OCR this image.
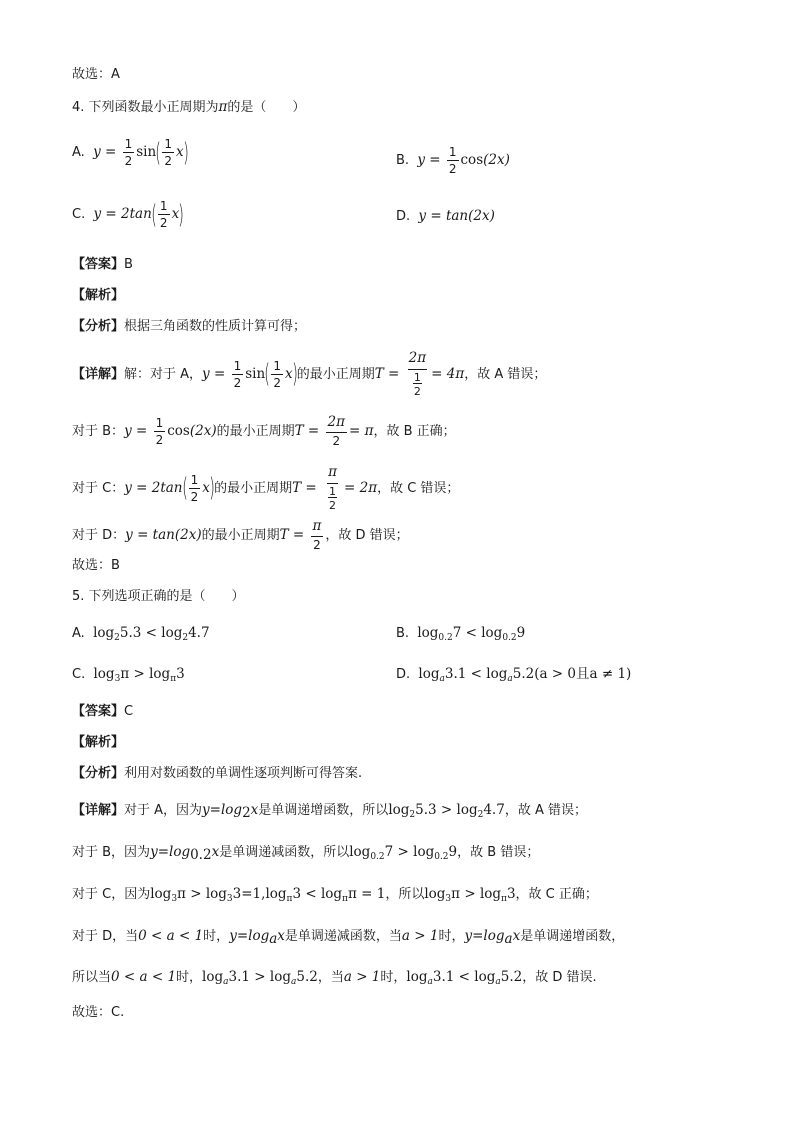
故选：A
4. 下列函数最小正周期为π的是（　　）
A. $y = \frac{1}{2} \sin( \frac{1}{2} x)$	B. $y = \frac{1}{2} \cos(2x)$
C. $y = 2\tan( \frac{1}{2} x)$	D. y = tan(2x)
【答案】B
【解析】
【分析】根据三角函数的性质计算可得；
【详解】解：对于 A，$y = \frac{1}{2} \sin( \frac{1}{2} x)$的最小正周期$T = \frac{2\pi}{\frac{1}{2}} = 4\pi$，故 A 错误；
对于 B：$y = \frac{1}{2} \cos(2x)$的最小正周期$T = \frac{2\pi}{2} = \pi$，故 B 正确；
对于 C：$y = 2\tan( \frac{1}{2} x)$的最小正周期$T = \frac{\pi}{\frac{1}{2}} = 2\pi$，故 C 错误；
对于 D：y = tan(2x)的最小正周期$T = \frac{\pi}{2}$ ，故 D 错误；
故选：B
5. 下列选项正确的是（　　）
A. $\log_25.3 < \log_24.7$	B. $\log_{0.2}7 < \log_{0.2}9$
C. $\log_3\pi > \log_\pi 3$	D. $\log_a3.1 < \log_a5.2(a > 0$且a ≠ 1)
【答案】C
【解析】
【分析】利用对数函数的单调性逐项判断可得答案.
【详解】对于 A，因为$y=\log_2x$是单调递增函数，所以$\log_25.3 > \log_24.7$，故 A 错误；
对于 B，因为$y=\log_{0.2}x$是单调递减函数，所以$\log_{0.2}7 > \log_{0.2}9$，故 B 错误；
对于 C，因为$\log_3\pi > \log_33=1,\log_\pi 3 < \log_\pi\pi = 1$，所以$\log_3\pi > \log_\pi 3$，故 C 正确；
对于 D，当0 < a < 1时，$y=\log_ax$是单调递减函数，当a > 1时，$y=\log_ax$是单调递增函数，
所以当0 < a < 1时，$\log_a3.1 > \log_a5.2$，当a > 1时，$\log_a3.1 < \log_a5.2$，故 D 错误.
故选：C.
